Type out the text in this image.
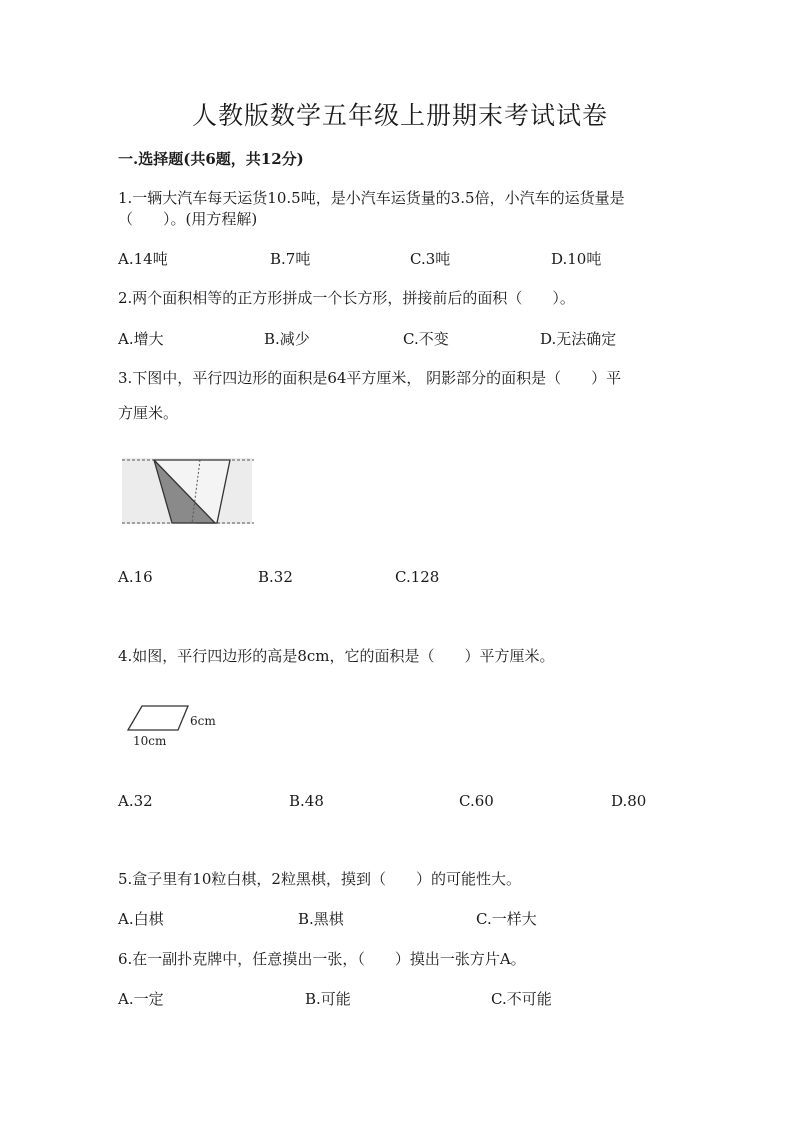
人教版数学五年级上册期末考试试卷
一.选择题(共6题，共12分)
1.一辆大汽车每天运货10.5吨，是小汽车运货量的3.5倍，小汽车的运货量是
（　　）。(用方程解)
A.14吨	B.7吨	C.3吨	D.10吨
2.两个面积相等的正方形拼成一个长方形，拼接前后的面积（　　）。
A.增大	B.减少	C.不变	D.无法确定
3.下图中，平行四边形的面积是64平方厘米， 阴影部分的面积是（　　）平
方厘米。
A.16	B.32	C.128
4.如图，平行四边形的高是8cm，它的面积是（　　）平方厘米。
6cm
10cm
A.32	B.48	C.60	D.80
5.盒子里有10粒白棋，2粒黑棋，摸到（　　）的可能性大。
A.白棋	B.黑棋	C.一样大
6.在一副扑克牌中，任意摸出一张，（　　）摸出一张方片A。
A.一定	B.可能	C.不可能
